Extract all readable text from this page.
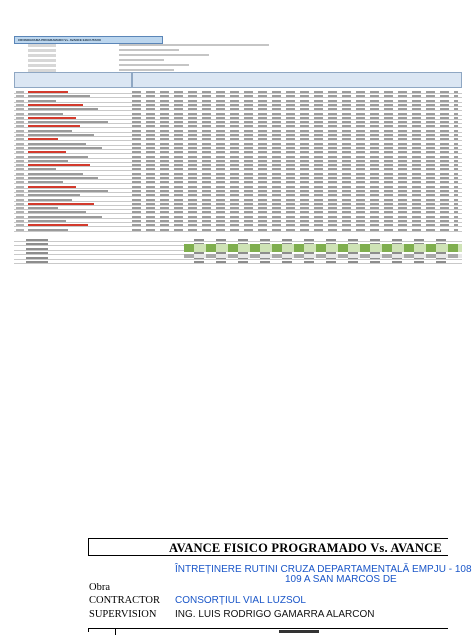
CRONOGRAMA PROGRAMADO Vs. AVANCE EJECUTADO
AVANCE FISICO PROGRAMADO Vs. AVANCE
ÎNTREȚINERE RUTINI CRUZA DEPARTAMENTALĂ EMPJU - 108
109 A SAN MARCOS DE
Obra
CONTRACTOR CONSORȚIUL VIAL LUZSOL
SUPERVISION ING. LUIS RODRIGO GAMARRA ALARCON
